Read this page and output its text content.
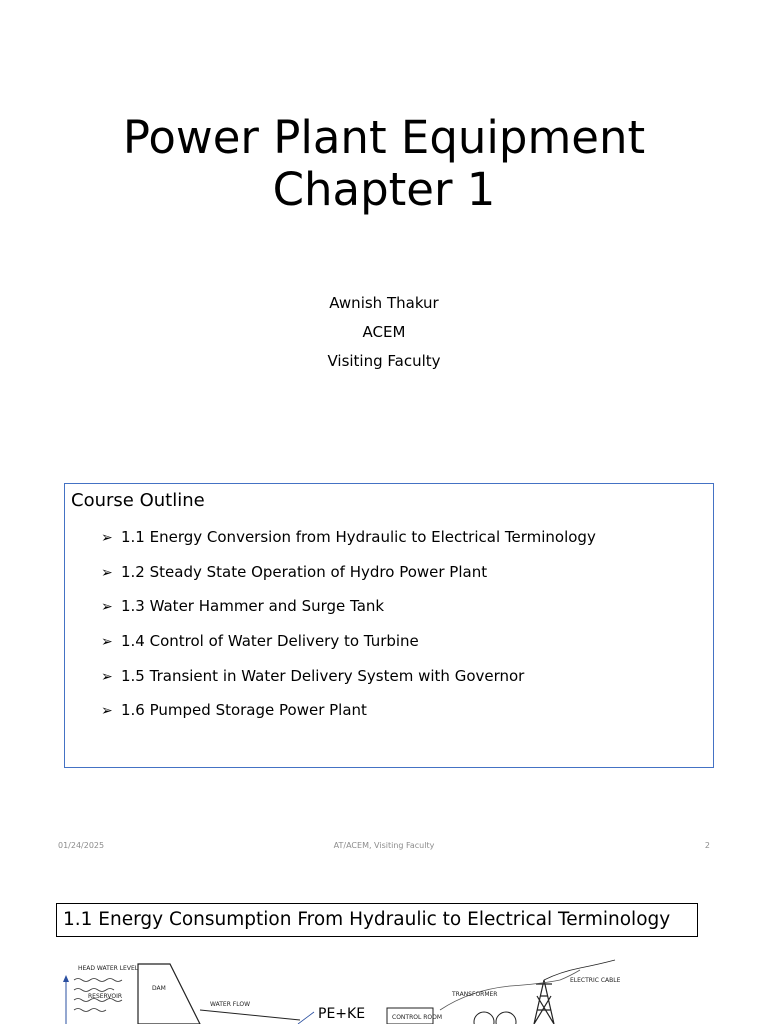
Power Plant Equipment
Chapter 1
Awnish Thakur
ACEM
Visiting Faculty
Course Outline
➢ 1.1 Energy Conversion from Hydraulic to Electrical Terminology
➢ 1.2 Steady State Operation of Hydro Power Plant
➢ 1.3 Water Hammer and Surge Tank
➢ 1.4 Control of Water Delivery to Turbine
➢ 1.5 Transient in Water Delivery System with Governor
➢ 1.6 Pumped Storage Power Plant
01/24/2025	AT/ACEM, Visiting Faculty	2
1.1 Energy Consumption From Hydraulic to Electrical Terminology
HEAD WATER LEVEL
RESERVOIR
DAM
WATER FLOW
TRANSFORMER
ELECTRIC CABLE
CONTROL ROOM
PE+KE
